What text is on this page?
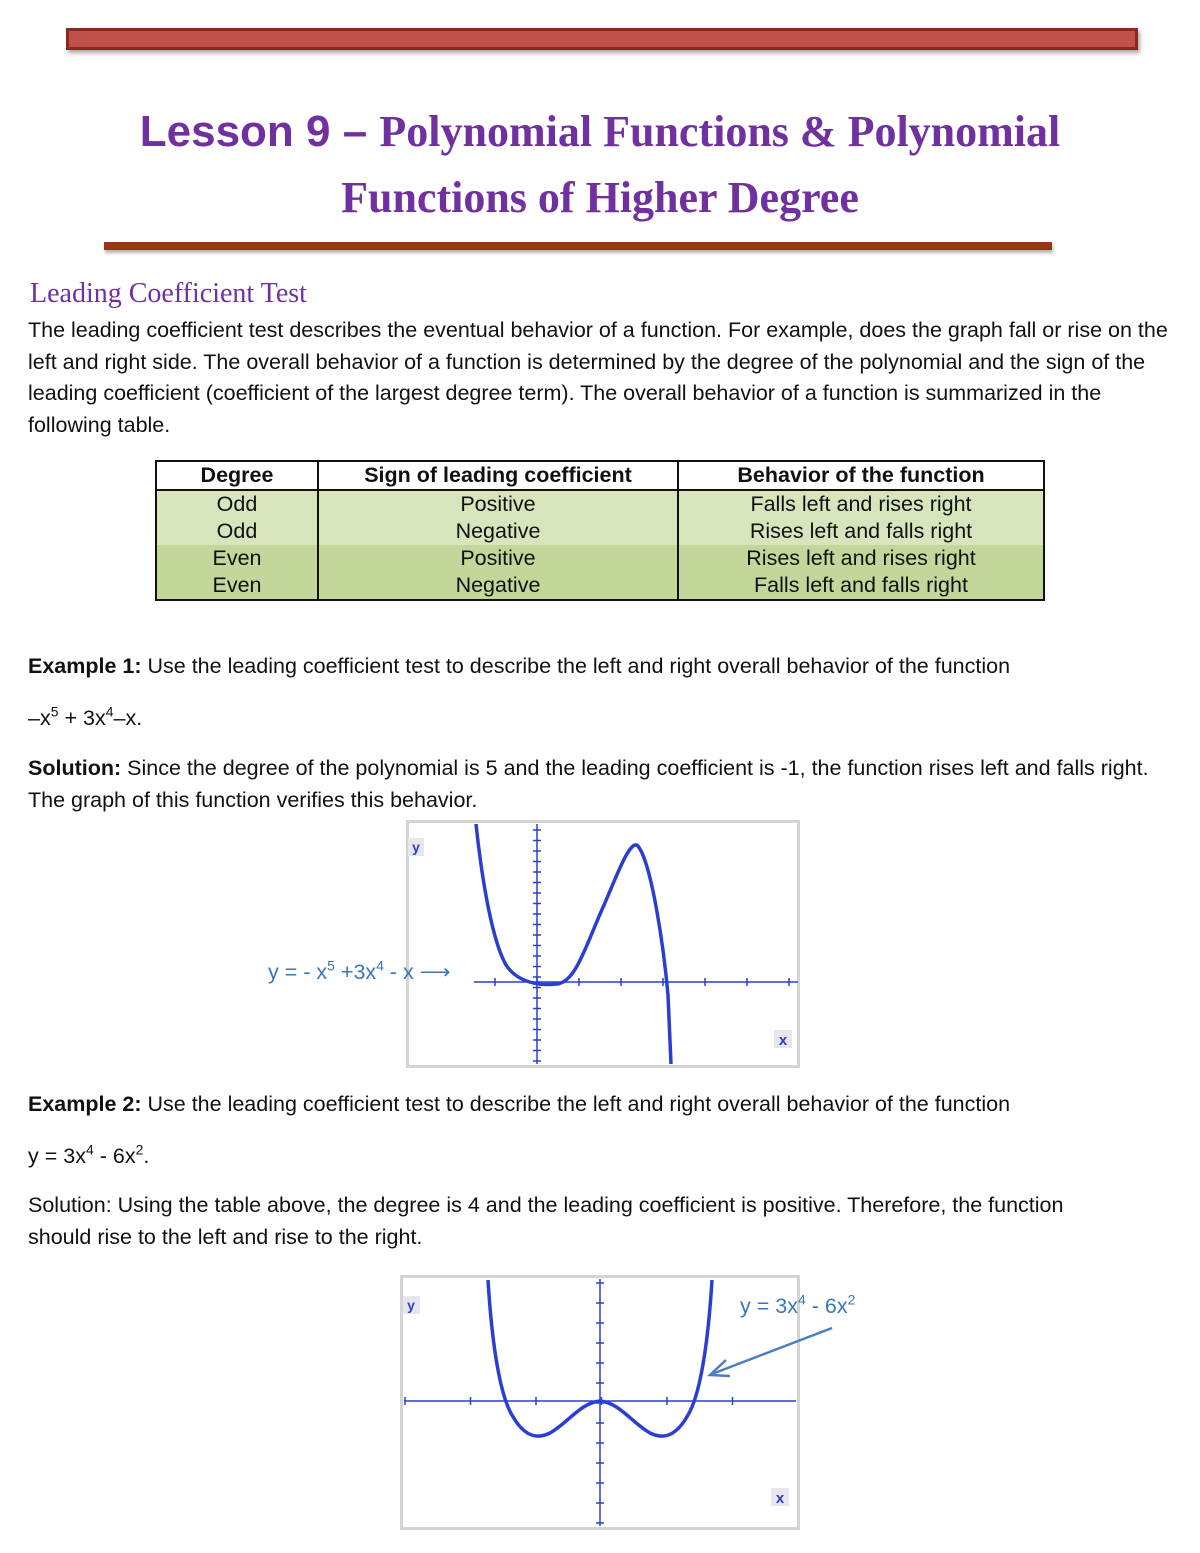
Lesson 9 – Polynomial Functions & Polynomial
Functions of Higher Degree
Leading Coefficient Test
The leading coefficient test describes the eventual behavior of a function. For example, does the graph fall or rise on the left and right side. The overall behavior of a function is determined by the degree of the polynomial and the sign of the leading coefficient (coefficient of the largest degree term). The overall behavior of a function is summarized in the following table.
Degree	Sign of leading coefficient	Behavior of the function
Odd	Positive	Falls left and rises right
Odd	Negative	Rises left and falls right
Even	Positive	Rises left and rises right
Even	Negative	Falls left and falls right
Example 1: Use the leading coefficient test to describe the left and right overall behavior of the function
$-x^5 + 3x^4-x$.
Solution: Since the degree of the polynomial is 5 and the leading coefficient is -1, the function rises left and falls right. The graph of this function verifies this behavior.
y
x
y = - $x^5 +3x^4 - x$ ⟶
Example 2: Use the leading coefficient test to describe the left and right overall behavior of the function
$y = 3x^4 - 6x^2$.
Solution: Using the table above, the degree is 4 and the leading coefficient is positive. Therefore, the function should rise to the left and rise to the right.
y
x
$y = 3x^4 - 6x^2$
